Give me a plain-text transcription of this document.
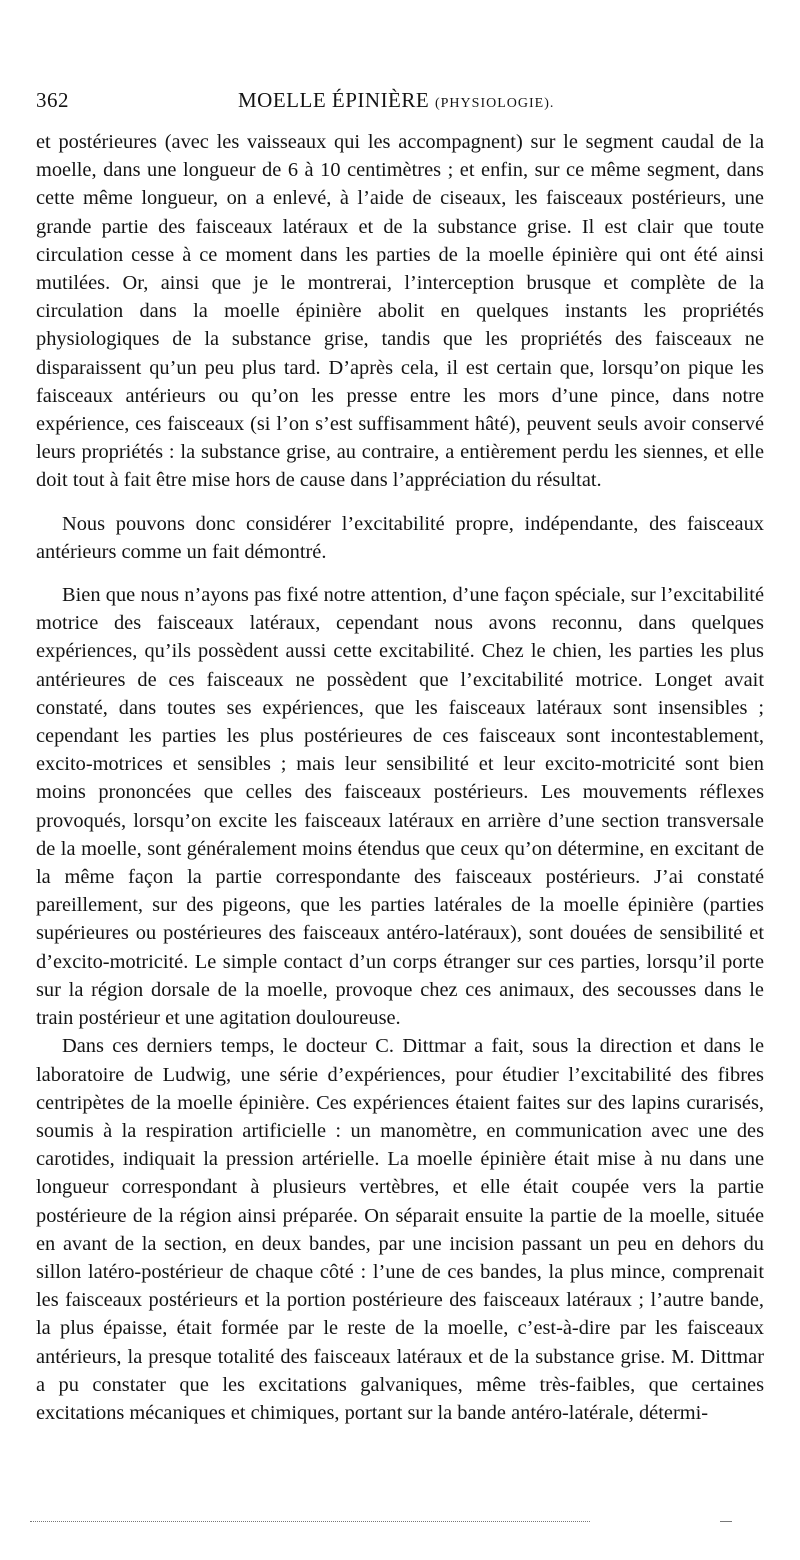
362	MOELLE ÉPINIÈRE (PHYSIOLOGIE).

et postérieures (avec les vaisseaux qui les accompagnent) sur le segment caudal de la moelle, dans une longueur de 6 à 10 centimètres ; et enfin, sur ce même segment, dans cette même longueur, on a enlevé, à l’aide de ciseaux, les faisceaux postérieurs, une grande partie des faisceaux latéraux et de la substance grise. Il est clair que toute circulation cesse à ce moment dans les parties de la moelle épinière qui ont été ainsi mutilées. Or, ainsi que je le montrerai, l’interception brusque et complète de la circulation dans la moelle épinière abolit en quelques instants les propriétés physiologiques de la substance grise, tandis que les propriétés des faisceaux ne disparaissent qu’un peu plus tard. D’après cela, il est certain que, lorsqu’on pique les faisceaux antérieurs ou qu’on les presse entre les mors d’une pince, dans notre expérience, ces faisceaux (si l’on s’est suffisamment hâté), peuvent seuls avoir conservé leurs propriétés : la substance grise, au contraire, a entièrement perdu les siennes, et elle doit tout à fait être mise hors de cause dans l’appréciation du résultat.

Nous pouvons donc considérer l’excitabilité propre, indépendante, des faisceaux antérieurs comme un fait démontré.

Bien que nous n’ayons pas fixé notre attention, d’une façon spéciale, sur l’excitabilité motrice des faisceaux latéraux, cependant nous avons reconnu, dans quelques expériences, qu’ils possèdent aussi cette excitabilité. Chez le chien, les parties les plus antérieures de ces faisceaux ne possèdent que l’excitabilité motrice. Longet avait constaté, dans toutes ses expériences, que les faisceaux latéraux sont insensibles ; cependant les parties les plus postérieures de ces faisceaux sont incontestablement, excito-motrices et sensibles ; mais leur sensibilité et leur excito-motricité sont bien moins prononcées que celles des faisceaux postérieurs. Les mouvements réflexes provoqués, lorsqu’on excite les faisceaux latéraux en arrière d’une section transversale de la moelle, sont généralement moins étendus que ceux qu’on détermine, en excitant de la même façon la partie correspondante des faisceaux postérieurs. J’ai constaté pareillement, sur des pigeons, que les parties latérales de la moelle épinière (parties supérieures ou postérieures des faisceaux antéro-latéraux), sont douées de sensibilité et d’excito-motricité. Le simple contact d’un corps étranger sur ces parties, lorsqu’il porte sur la région dorsale de la moelle, provoque chez ces animaux, des secousses dans le train postérieur et une agitation douloureuse.

Dans ces derniers temps, le docteur C. Dittmar a fait, sous la direction et dans le laboratoire de Ludwig, une série d’expériences, pour étudier l’excitabilité des fibres centripètes de la moelle épinière. Ces expériences étaient faites sur des lapins curarisés, soumis à la respiration artificielle : un manomètre, en communication avec une des carotides, indiquait la pression artérielle. La moelle épinière était mise à nu dans une longueur correspondant à plusieurs vertèbres, et elle était coupée vers la partie postérieure de la région ainsi préparée. On séparait ensuite la partie de la moelle, située en avant de la section, en deux bandes, par une incision passant un peu en dehors du sillon latéro-postérieur de chaque côté : l’une de ces bandes, la plus mince, comprenait les faisceaux postérieurs et la portion postérieure des faisceaux latéraux ; l’autre bande, la plus épaisse, était formée par le reste de la moelle, c’est-à-dire par les faisceaux antérieurs, la presque totalité des faisceaux latéraux et de la substance grise. M. Dittmar a pu constater que les excitations galvaniques, même très-faibles, que certaines excitations mécaniques et chimiques, portant sur la bande antéro-latérale, détermi-
